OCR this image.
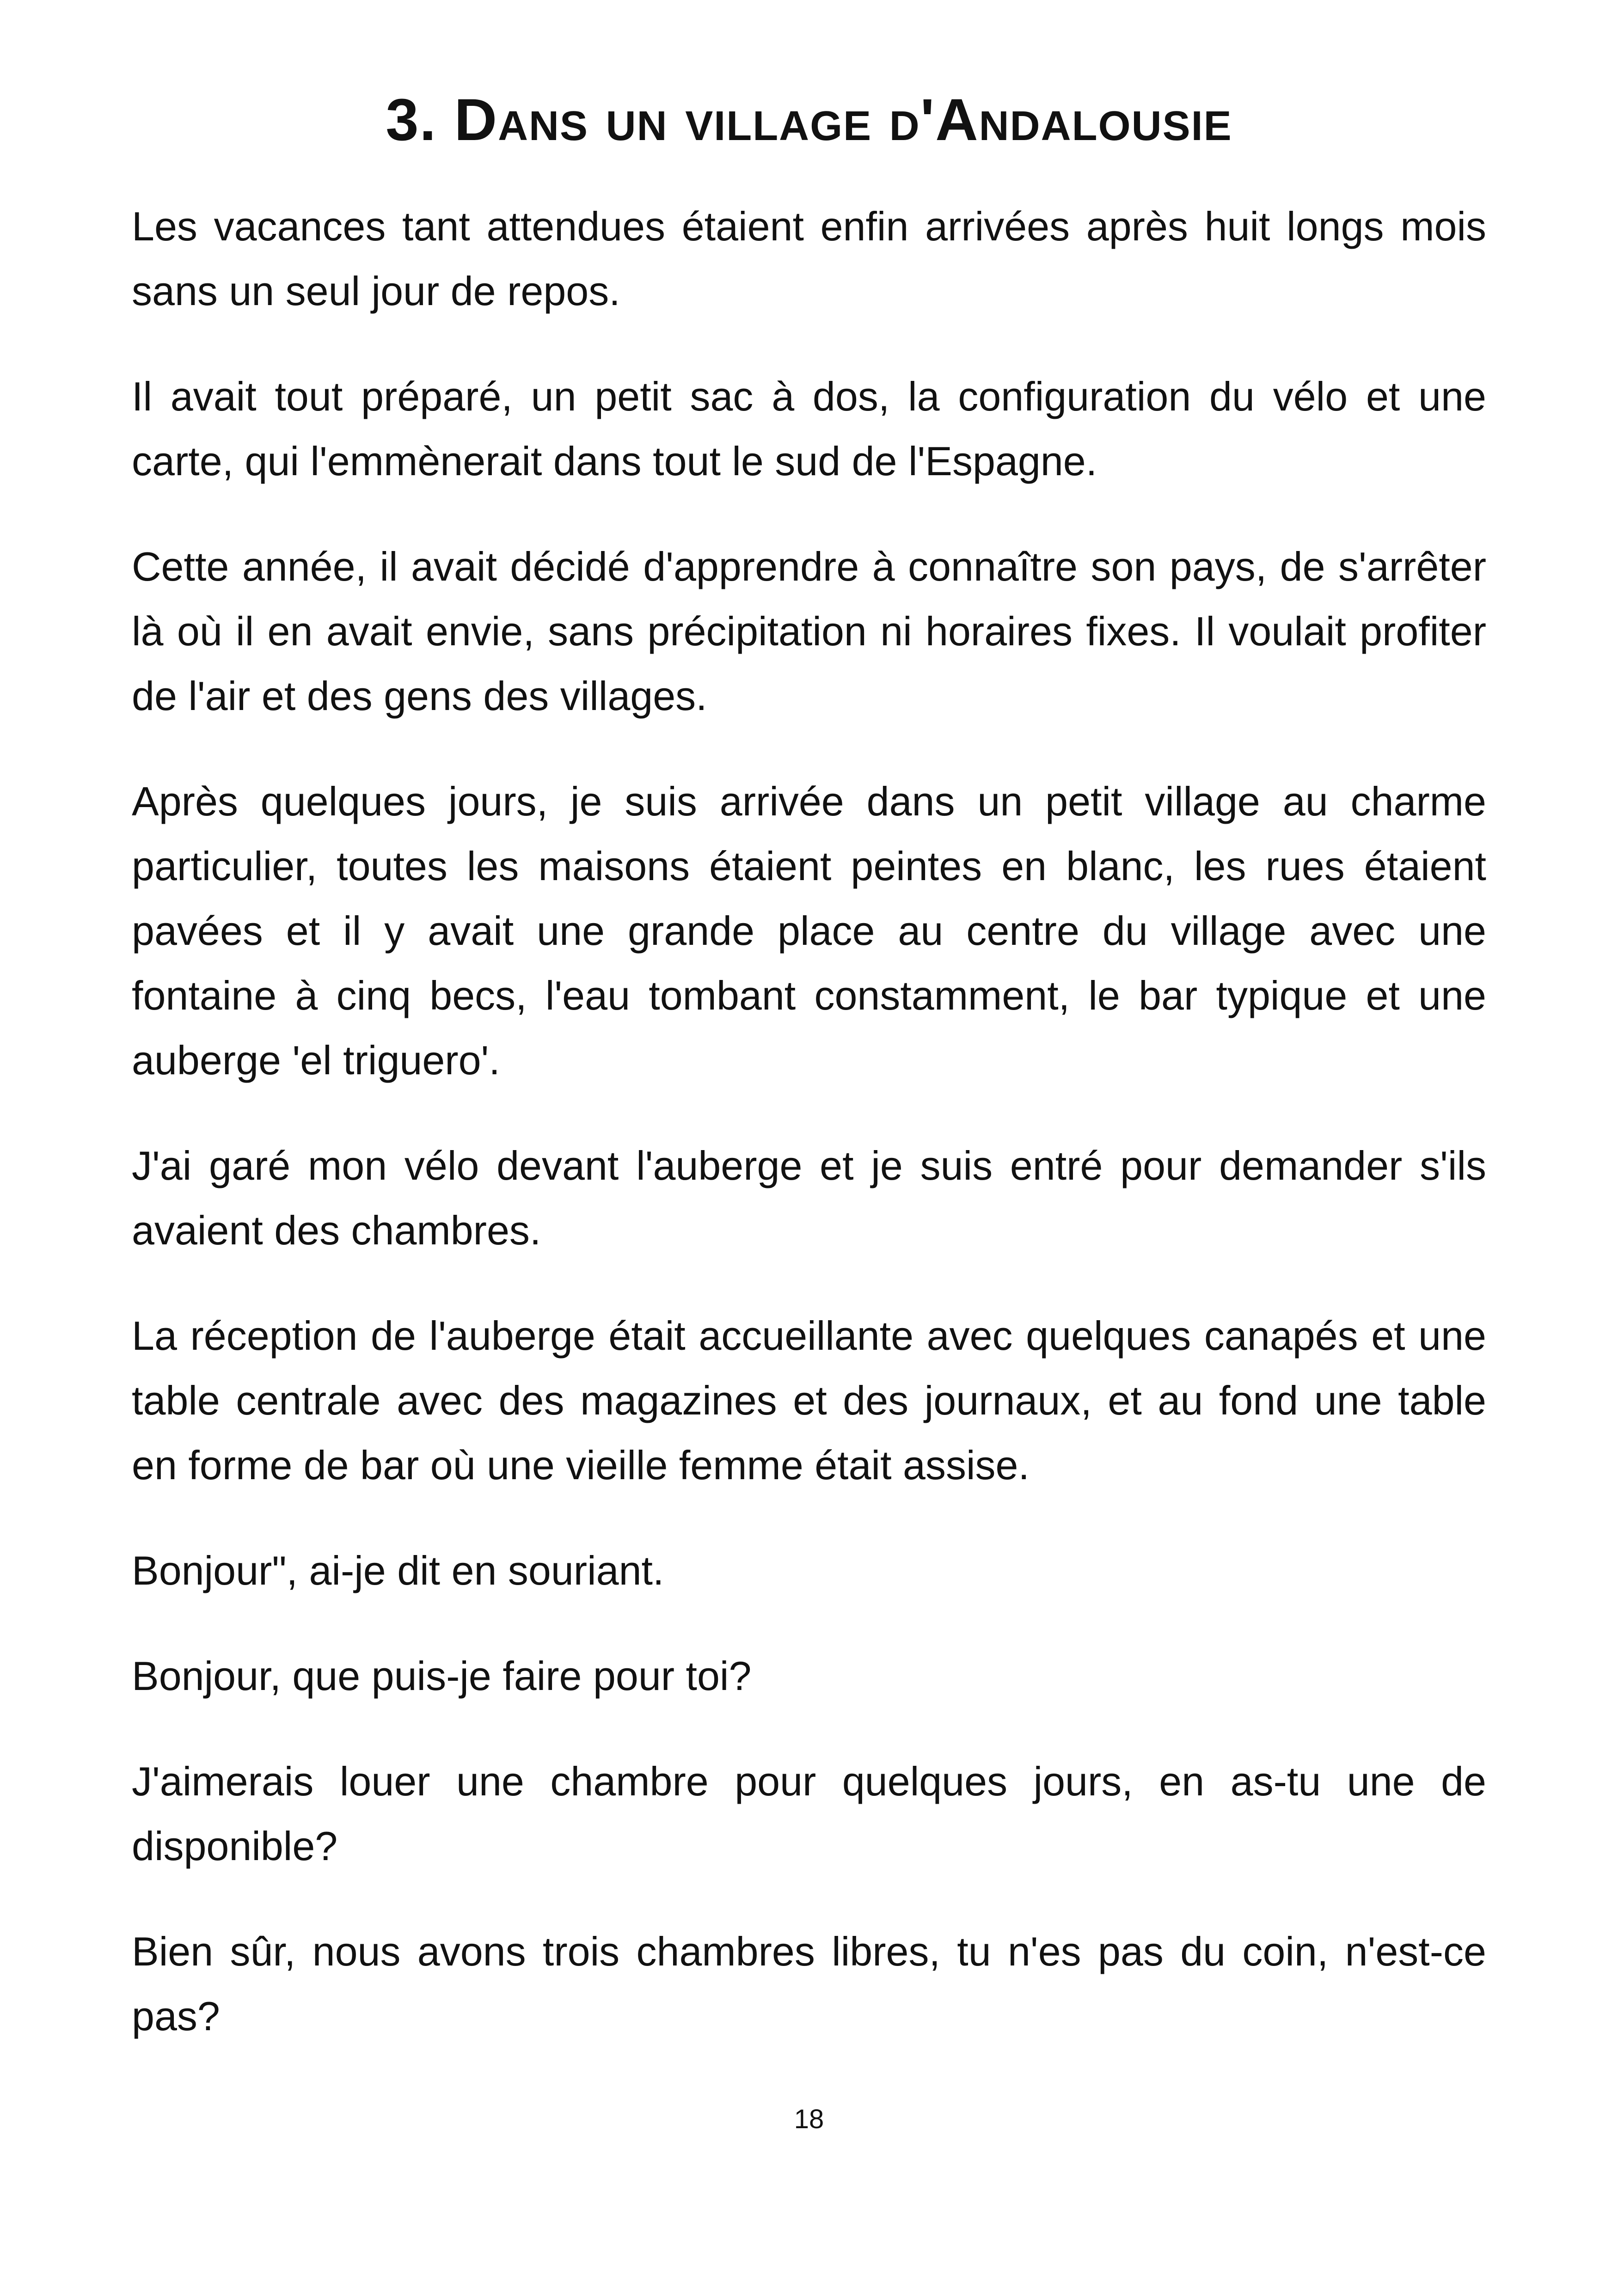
3. Dans un village d'Andalousie

Les vacances tant attendues étaient enfin arrivées après huit longs mois sans un seul jour de repos.

Il avait tout préparé, un petit sac à dos, la configuration du vélo et une carte, qui l'emmènerait dans tout le sud de l'Espagne.

Cette année, il avait décidé d'apprendre à connaître son pays, de s'arrêter là où il en avait envie, sans précipitation ni horaires fixes. Il voulait profiter de l'air et des gens des villages.

Après quelques jours, je suis arrivée dans un petit village au charme particulier, toutes les maisons étaient peintes en blanc, les rues étaient pavées et il y avait une grande place au centre du village avec une fontaine à cinq becs, l'eau tombant constamment, le bar typique et une auberge 'el triguero'.

J'ai garé mon vélo devant l'auberge et je suis entré pour demander s'ils avaient des chambres.

La réception de l'auberge était accueillante avec quelques canapés et une table centrale avec des magazines et des journaux, et au fond une table en forme de bar où une vieille femme était assise.

Bonjour", ai-je dit en souriant.

Bonjour, que puis-je faire pour toi?

J'aimerais louer une chambre pour quelques jours, en as-tu une de disponible?

Bien sûr, nous avons trois chambres libres, tu n'es pas du coin, n'est-ce pas?

18
